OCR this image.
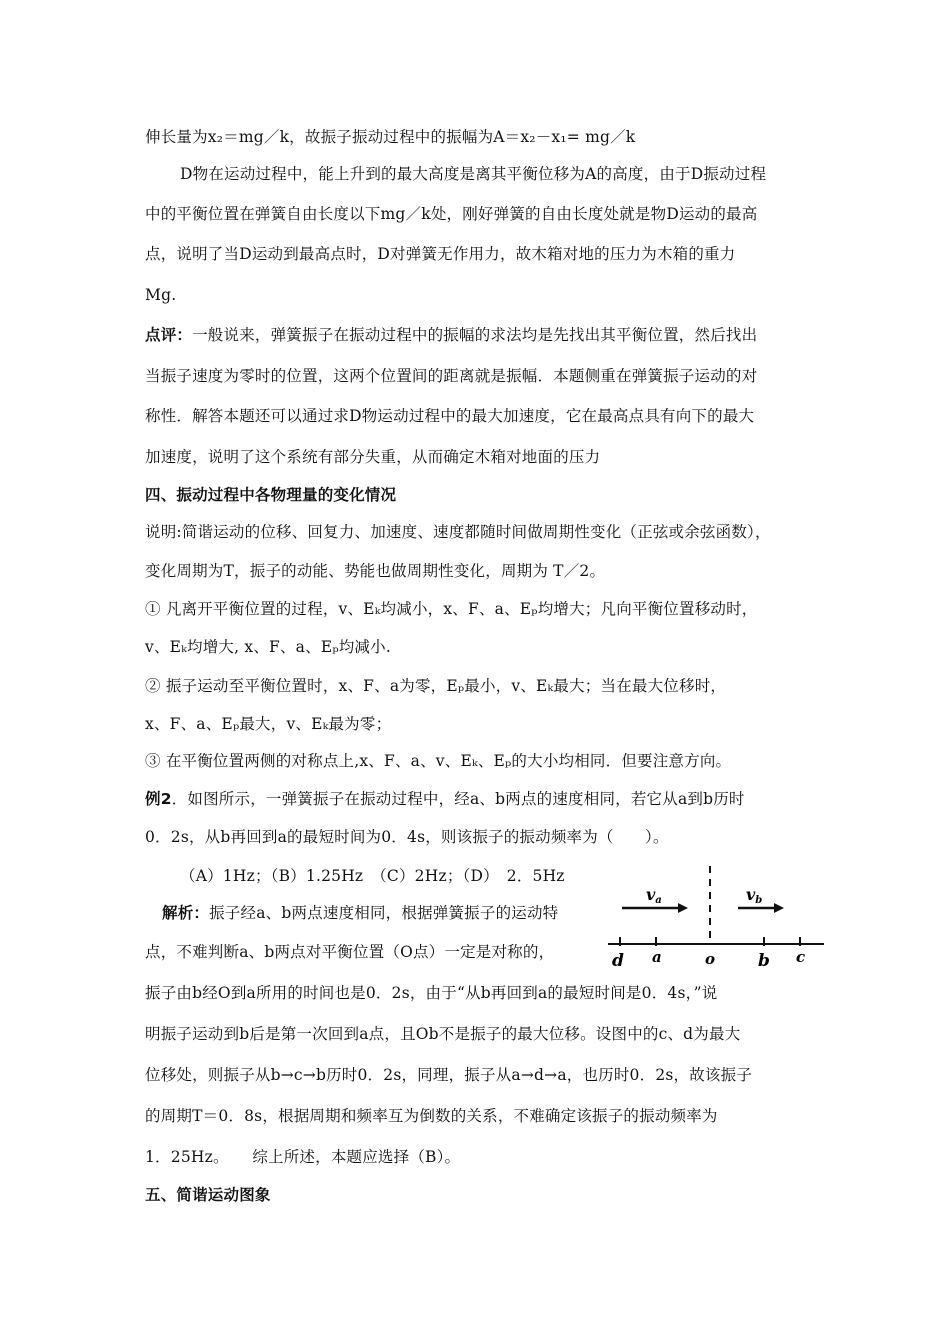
伸长量为x₂＝mg／k，故振子振动过程中的振幅为A＝x₂－x₁= mg／k
D物在运动过程中，能上升到的最大高度是离其平衡位移为A的高度，由于D振动过程
中的平衡位置在弹簧自由长度以下mg／k处，刚好弹簧的自由长度处就是物D运动的最高
点，说明了当D运动到最高点时，D对弹簧无作用力，故木箱对地的压力为木箱的重力
Mg.
点评：一般说来，弹簧振子在振动过程中的振幅的求法均是先找出其平衡位置，然后找出
当振子速度为零时的位置，这两个位置间的距离就是振幅．本题侧重在弹簧振子运动的对
称性．解答本题还可以通过求D物运动过程中的最大加速度，它在最高点具有向下的最大
加速度，说明了这个系统有部分失重，从而确定木箱对地面的压力
四、振动过程中各物理量的变化情况
说明:简谐运动的位移、回复力、加速度、速度都随时间做周期性变化（正弦或余弦函数），
变化周期为T，振子的动能、势能也做周期性变化，周期为 T／2。
① 凡离开平衡位置的过程，v、Eₖ均减小，x、F、a、Eₚ均增大；凡向平衡位置移动时，
v、Eₖ均增大, x、F、a、Eₚ均减小.
② 振子运动至平衡位置时，x、F、a为零，Eₚ最小，v、Eₖ最大；当在最大位移时，
x、F、a、Eₚ最大，v、Eₖ最为零；
③ 在平衡位置两侧的对称点上,x、F、a、v、Eₖ、Eₚ的大小均相同．但要注意方向。
例2．如图所示，一弹簧振子在振动过程中，经a、b两点的速度相同，若它从a到b历时
0．2s，从b再回到a的最短时间为0．4s，则该振子的振动频率为（　　）。
（A）1Hz；（B）1.25Hz　（C）2Hz；（D）　2．5Hz
解析：振子经a、b两点速度相同，根据弹簧振子的运动特
点，不难判断a、b两点对平衡位置（O点）一定是对称的，
振子由b经O到a所用的时间也是0．2s，由于“从b再回到a的最短时间是0．4s，”说
明振子运动到b后是第一次回到a点，且Ob不是振子的最大位移。设图中的c、d为最大
位移处，则振子从b→c→b历时0．2s，同理，振子从a→d→a，也历时0．2s，故该振子
的周期T＝0．8s，根据周期和频率互为倒数的关系，不难确定该振子的振动频率为
1．25Hz。　　综上所述，本题应选择（B）。
五、简谐运动图象
va	vb
d a	o	b c
